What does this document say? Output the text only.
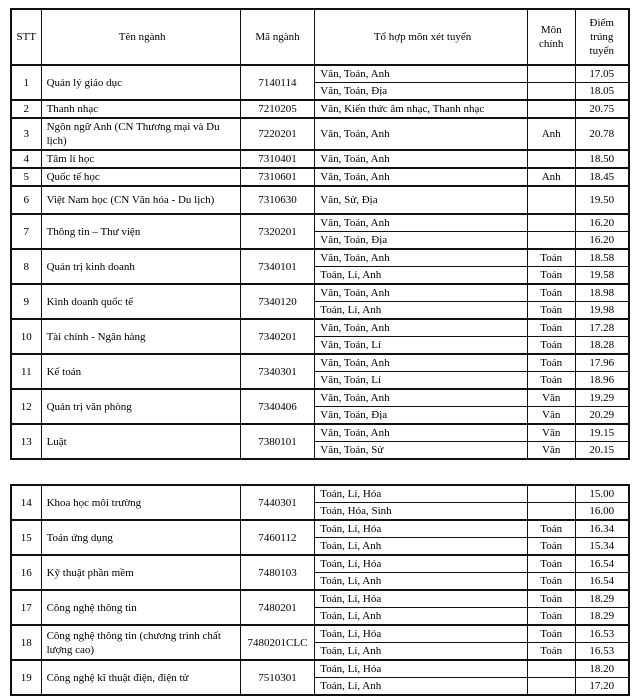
STT	Tên ngành	Mã ngành	Tổ hợp môn xét tuyển	Môn chính	Điểm trúng tuyển
1	Quản lý giáo dục	7140114	Văn, Toán, Anh		17.05
			Văn, Toán, Địa		18.05
2	Thanh nhạc	7210205	Văn, Kiến thức âm nhạc, Thanh nhạc		20.75
3	Ngôn ngữ Anh (CN Thương mại và Du lịch)	7220201	Văn, Toán, Anh	Anh	20.78
4	Tâm lí học	7310401	Văn, Toán, Anh		18.50
5	Quốc tế học	7310601	Văn, Toán, Anh	Anh	18.45
6	Việt Nam học (CN Văn hóa - Du lịch)	7310630	Văn, Sử, Địa		19.50
7	Thông tin – Thư viện	7320201	Văn, Toán, Anh		16.20
			Văn, Toán, Địa		16.20
8	Quản trị kinh doanh	7340101	Văn, Toán, Anh	Toán	18.58
			Toán, Lí, Anh	Toán	19.58
9	Kinh doanh quốc tế	7340120	Văn, Toán, Anh	Toán	18.98
			Toán, Lí, Anh	Toán	19.98
10	Tài chính - Ngân hàng	7340201	Văn, Toán, Anh	Toán	17.28
			Văn, Toán, Lí	Toán	18.28
11	Kế toán	7340301	Văn, Toán, Anh	Toán	17.96
			Văn, Toán, Lí	Toán	18.96
12	Quản trị văn phòng	7340406	Văn, Toán, Anh	Văn	19.29
			Văn, Toán, Địa	Văn	20.29
13	Luật	7380101	Văn, Toán, Anh	Văn	19.15
			Văn, Toán, Sử	Văn	20.15
14	Khoa học môi trường	7440301	Toán, Lí, Hóa		15.00
			Toán, Hóa, Sinh		16.00
15	Toán ứng dụng	7460112	Toán, Lí, Hóa	Toán	16.34
			Toán, Lí, Anh	Toán	15.34
16	Kỹ thuật phần mềm	7480103	Toán, Lí, Hóa	Toán	16.54
			Toán, Lí, Anh	Toán	16.54
17	Công nghệ thông tin	7480201	Toán, Lí, Hóa	Toán	18.29
			Toán, Lí, Anh	Toán	18.29
18	Công nghệ thông tin (chương trình chất lượng cao)	7480201CLC	Toán, Lí, Hóa	Toán	16.53
			Toán, Lí, Anh	Toán	16.53
19	Công nghệ kĩ thuật điện, điện tử	7510301	Toán, Lí, Hóa		18.20
			Toán, Lí, Anh		17.20
